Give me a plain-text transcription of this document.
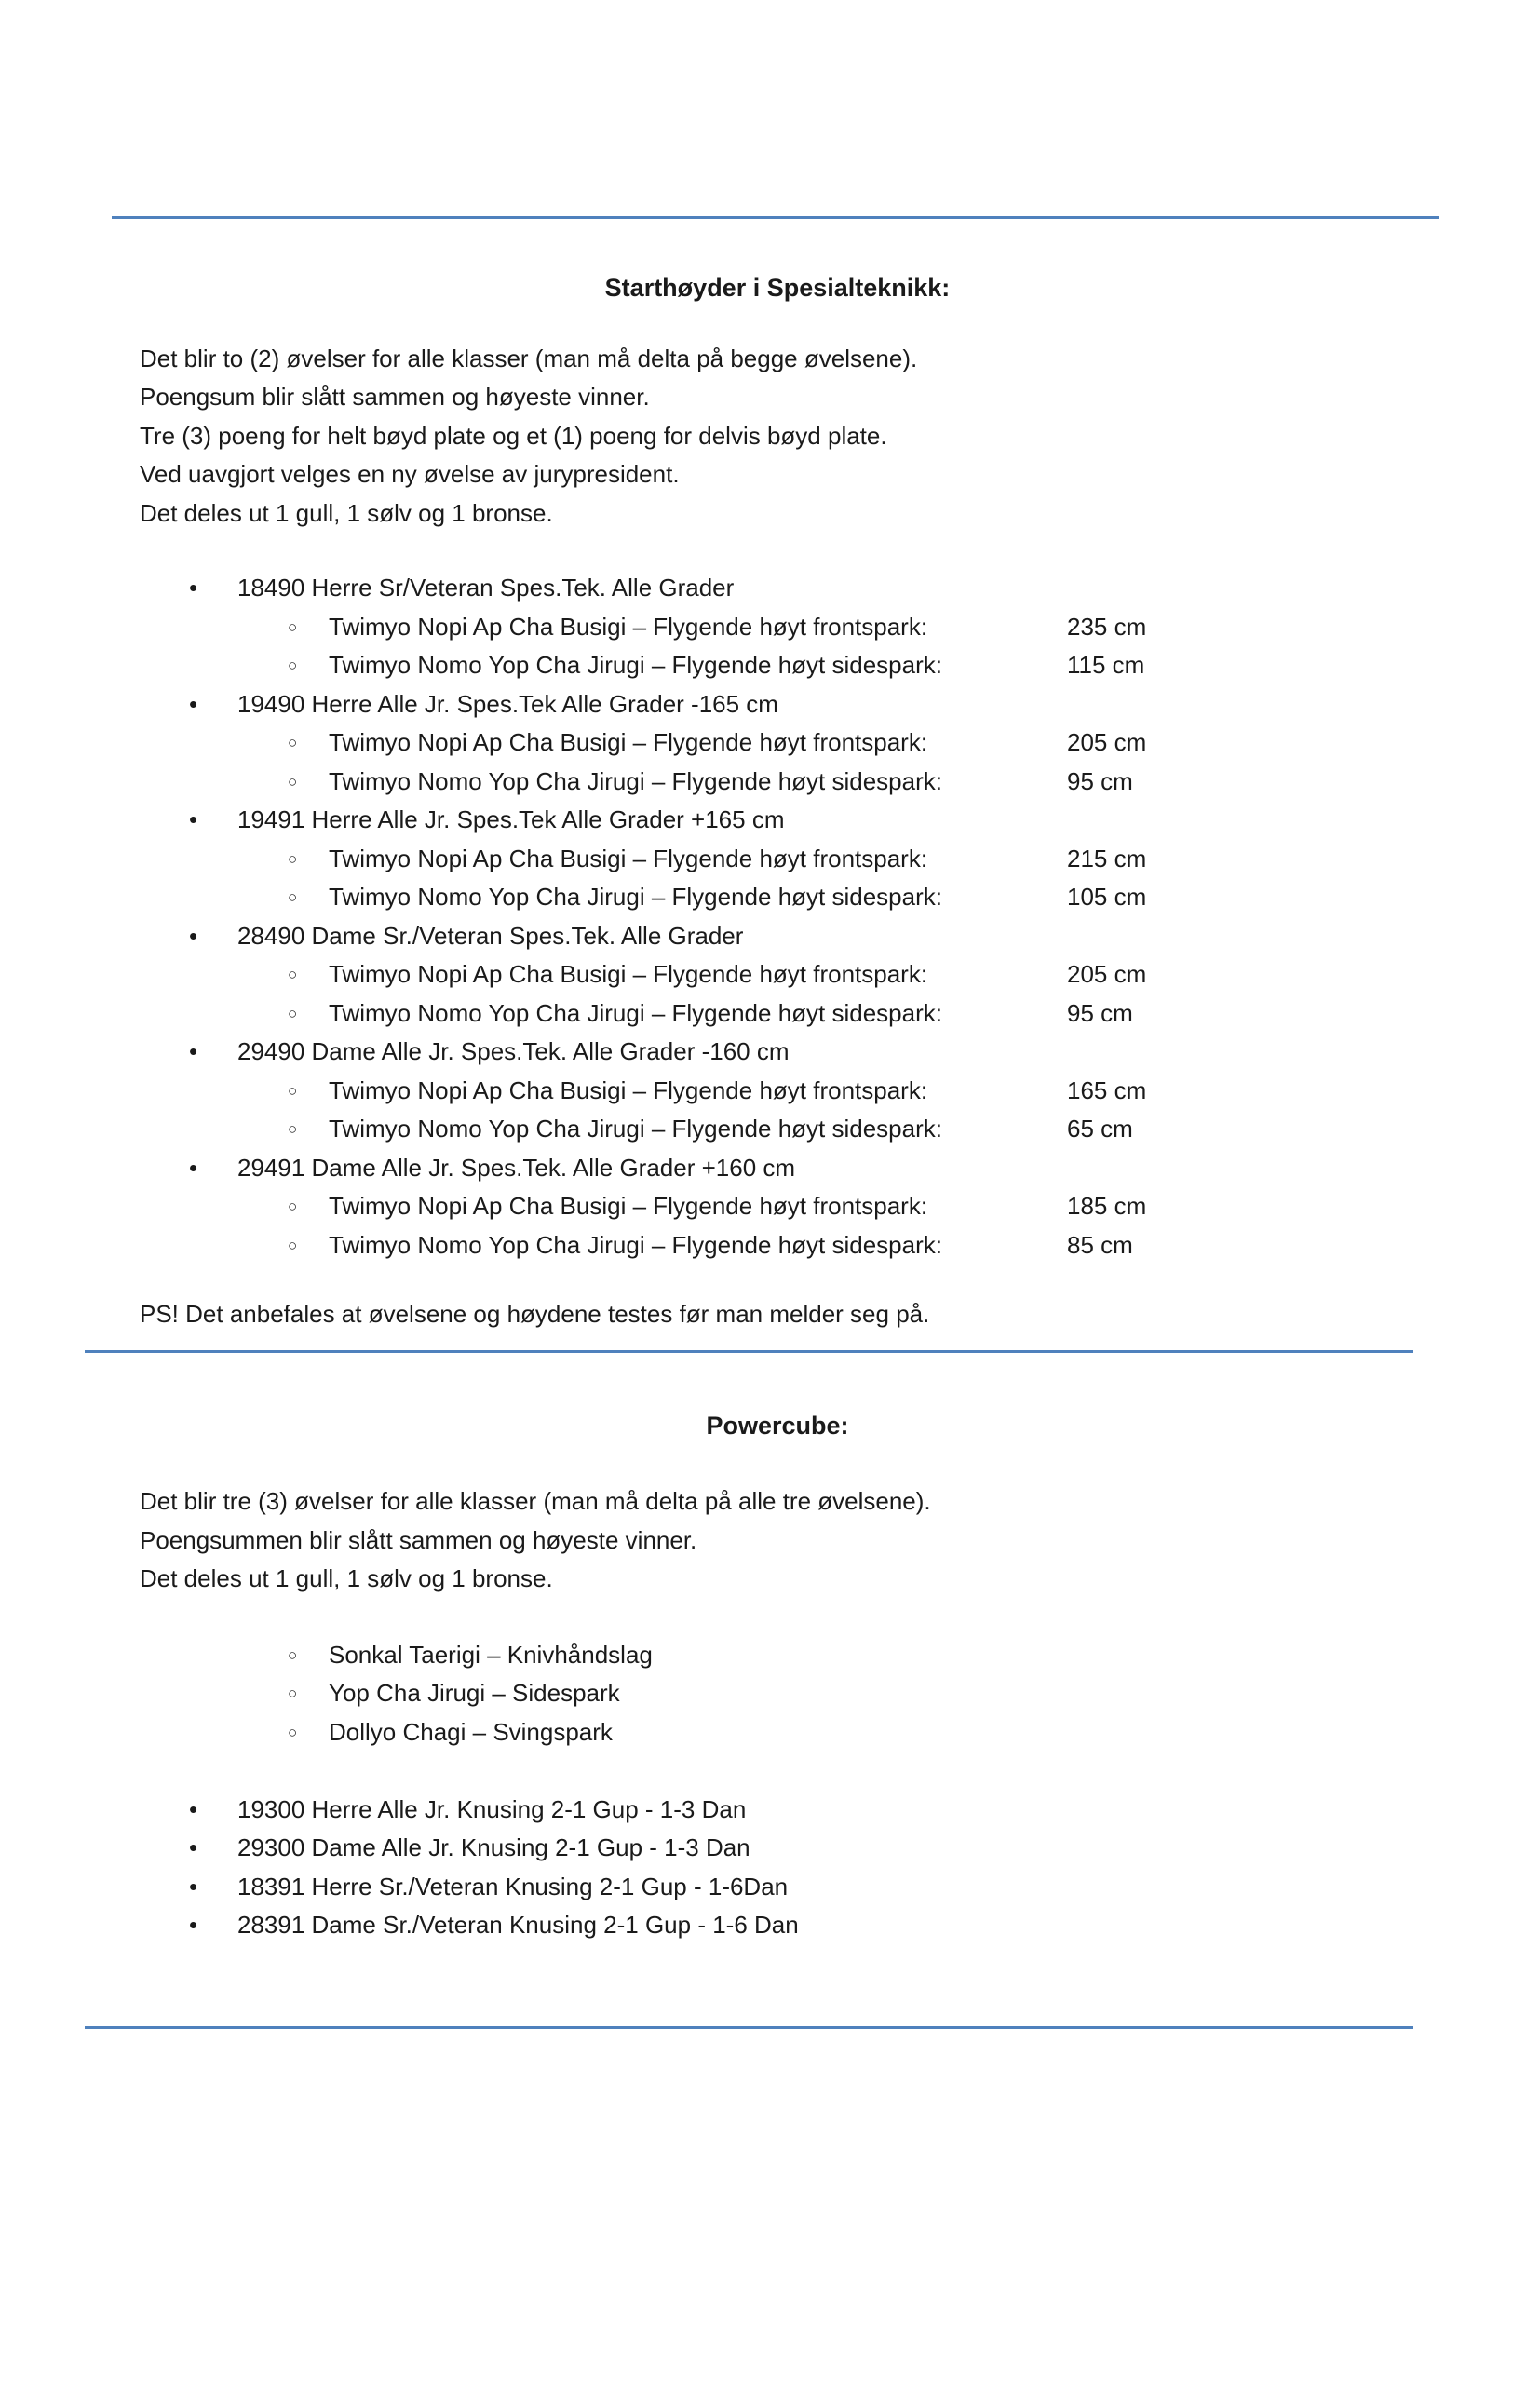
Starthøyder i Spesialteknikk:

Det blir to (2) øvelser for alle klasser (man må delta på begge øvelsene).

Poengsum blir slått sammen og høyeste vinner.

Tre (3) poeng for helt bøyd plate og et (1) poeng for delvis bøyd plate.

Ved uavgjort velges en ny øvelse av jurypresident.

Det deles ut 1 gull, 1 sølv og 1 bronse.

• 18490 Herre Sr/Veteran Spes.Tek. Alle Grader
○ Twimyo Nopi Ap Cha Busigi – Flygende høyt frontspark:	235 cm
○ Twimyo Nomo Yop Cha Jirugi – Flygende høyt sidespark:	115 cm
• 19490 Herre Alle Jr. Spes.Tek Alle Grader -165 cm
○ Twimyo Nopi Ap Cha Busigi – Flygende høyt frontspark:	205 cm
○ Twimyo Nomo Yop Cha Jirugi – Flygende høyt sidespark:	95 cm
• 19491 Herre Alle Jr. Spes.Tek Alle Grader +165 cm
○ Twimyo Nopi Ap Cha Busigi – Flygende høyt frontspark:	215 cm
○ Twimyo Nomo Yop Cha Jirugi – Flygende høyt sidespark:	105 cm
• 28490 Dame Sr./Veteran Spes.Tek. Alle Grader
○ Twimyo Nopi Ap Cha Busigi – Flygende høyt frontspark:	205 cm
○ Twimyo Nomo Yop Cha Jirugi – Flygende høyt sidespark:	95 cm
• 29490 Dame Alle Jr. Spes.Tek. Alle Grader -160 cm
○ Twimyo Nopi Ap Cha Busigi – Flygende høyt frontspark:	165 cm
○ Twimyo Nomo Yop Cha Jirugi – Flygende høyt sidespark:	65 cm
• 29491 Dame Alle Jr. Spes.Tek. Alle Grader +160 cm
○ Twimyo Nopi Ap Cha Busigi – Flygende høyt frontspark:	185 cm
○ Twimyo Nomo Yop Cha Jirugi – Flygende høyt sidespark:	85 cm

PS! Det anbefales at øvelsene og høydene testes før man melder seg på.

Powercube:

Det blir tre (3) øvelser for alle klasser (man må delta på alle tre øvelsene).

Poengsummen blir slått sammen og høyeste vinner.

Det deles ut 1 gull, 1 sølv og 1 bronse.

○ Sonkal Taerigi – Knivhåndslag
○ Yop Cha Jirugi – Sidespark
○ Dollyo Chagi – Svingspark
• 19300 Herre Alle Jr. Knusing 2-1 Gup - 1-3 Dan
• 29300 Dame Alle Jr. Knusing 2-1 Gup - 1-3 Dan
• 18391 Herre Sr./Veteran Knusing 2-1 Gup - 1-6Dan
• 28391 Dame Sr./Veteran Knusing 2-1 Gup - 1-6 Dan
